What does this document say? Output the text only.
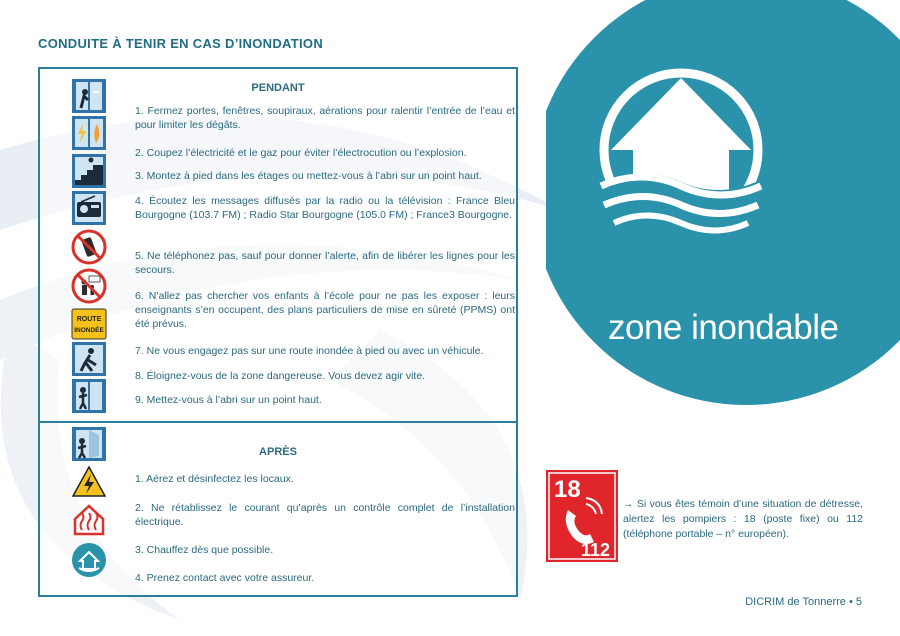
CONDUITE À TENIR EN CAS D’INONDATION
PENDANT
1. Fermez portes, fenêtres, soupiraux, aérations pour ralentir l’entrée de l’eau et pour limiter les dégâts.
2. Coupez l’électricité et le gaz pour éviter l’électrocution ou l’explosion.
3. Montez à pied dans les étages ou mettez-vous à l’abri sur un point haut.
4. Écoutez les messages diffusés par la radio ou la télévision : France Bleu Bourgogne (103.7 FM) ; Radio Star Bourgogne (105.0 FM) ; France3 Bourgogne.
5. Ne téléphonez pas, sauf pour donner l’alerte, afin de libérer les lignes pour les secours.
6. N’allez pas chercher vos enfants à l’école pour ne pas les exposer : leurs enseignants s’en occupent, des plans particuliers de mise en sûreté (PPMS) ont été prévus.
7. Ne vous engagez pas sur une route inondée à pied ou avec un véhicule.
8. Éloignez-vous de la zone dangereuse. Vous devez agir vite.
9. Mettez-vous à l’abri sur un point haut.
ROUTE
INONDÉE
APRÈS
1. Aérez et désinfectez les locaux.
2. Ne rétablissez le courant qu’après un contrôle complet de l’installation électrique.
3. Chauffez dès que possible.
4. Prenez contact avec votre assureur.
zone inondable
18
112
→ Si vous êtes témoin d’une situation de détresse, alertez les pompiers : 18 (poste fixe) ou 112 (téléphone portable – n° européen).
DICRIM de Tonnerre • 5
